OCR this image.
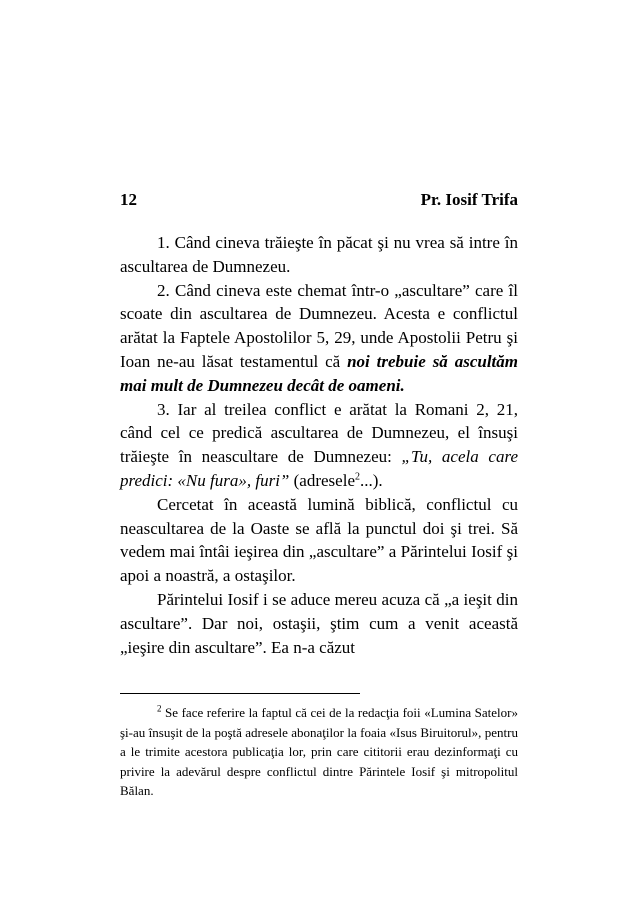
12	Pr. Iosif Trifa

1. Când cineva trăieşte în păcat şi nu vrea să intre în ascultarea de Dumnezeu.

2. Când cineva este chemat într-o „ascultare” care îl scoate din ascultarea de Dumnezeu. Acesta e conflictul arătat la Faptele Apostolilor 5, 29, unde Apostolii Petru şi Ioan ne-au lăsat testamentul că noi trebuie să ascultăm mai mult de Dumnezeu decât de oameni.

3. Iar al treilea conflict e arătat la Romani 2, 21, când cel ce predică ascultarea de Dumnezeu, el însuşi trăieşte în neascultare de Dumnezeu: „Tu, acela care predici: «Nu fura», furi” (adresele$^2$...).

Cercetat în această lumină biblică, conflictul cu neascultarea de la Oaste se află la punctul doi şi trei. Să vedem mai întâi ieşirea din „ascultare” a Părintelui Iosif şi apoi a noastră, a ostaşilor.

Părintelui Iosif i se aduce mereu acuza că „a ieşit din ascultare”. Dar noi, ostaşii, ştim cum a venit această „ieşire din ascultare”. Ea n-a căzut

$^2$ Se face referire la faptul că cei de la redacţia foii «Lumina Satelor» şi-au însuşit de la poştă adresele abonaţilor la foaia «Isus Biruitorul», pentru a le trimite acestora publicaţia lor, prin care cititorii erau dezinformaţi cu privire la adevărul despre conflictul dintre Părintele Iosif şi mitropolitul Bălan.
